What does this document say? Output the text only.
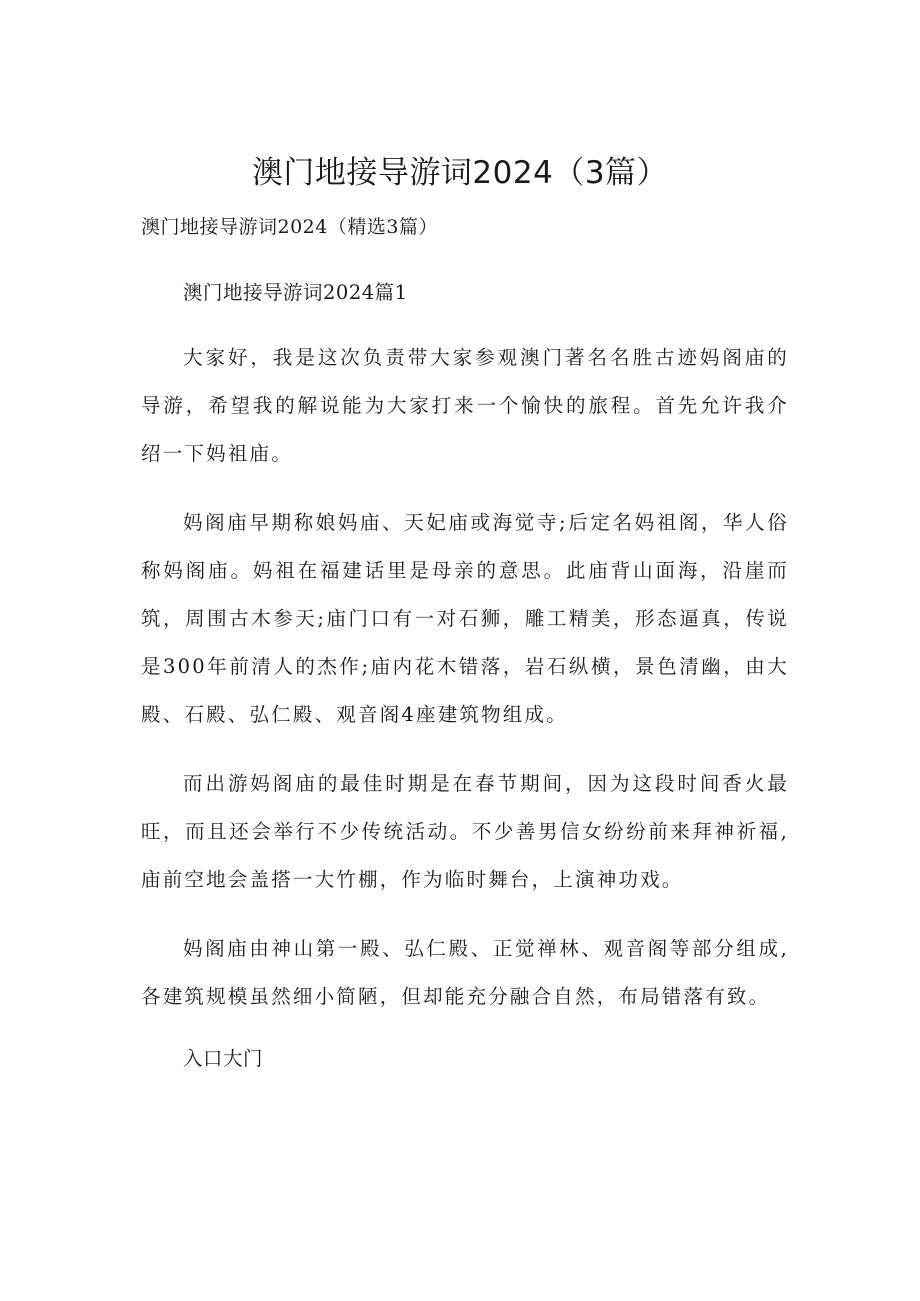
澳门地接导游词2024（3篇）

澳门地接导游词2024（精选3篇）

澳门地接导游词2024篇1

大家好，我是这次负责带大家参观澳门著名名胜古迹妈阁庙的导游，希望我的解说能为大家打来一个愉快的旅程。首先允许我介绍一下妈祖庙。

妈阁庙早期称娘妈庙、天妃庙或海觉寺;后定名妈祖阁，华人俗称妈阁庙。妈祖在福建话里是母亲的意思。此庙背山面海，沿崖而筑，周围古木参天;庙门口有一对石狮，雕工精美，形态逼真，传说是300年前清人的杰作;庙内花木错落，岩石纵横，景色清幽，由大殿、石殿、弘仁殿、观音阁4座建筑物组成。

而出游妈阁庙的最佳时期是在春节期间，因为这段时间香火最旺，而且还会举行不少传统活动。不少善男信女纷纷前来拜神祈福,庙前空地会盖搭一大竹棚，作为临时舞台，上演神功戏。

妈阁庙由神山第一殿、弘仁殿、正觉禅林、观音阁等部分组成,各建筑规模虽然细小简陋，但却能充分融合自然，布局错落有致。

入口大门
